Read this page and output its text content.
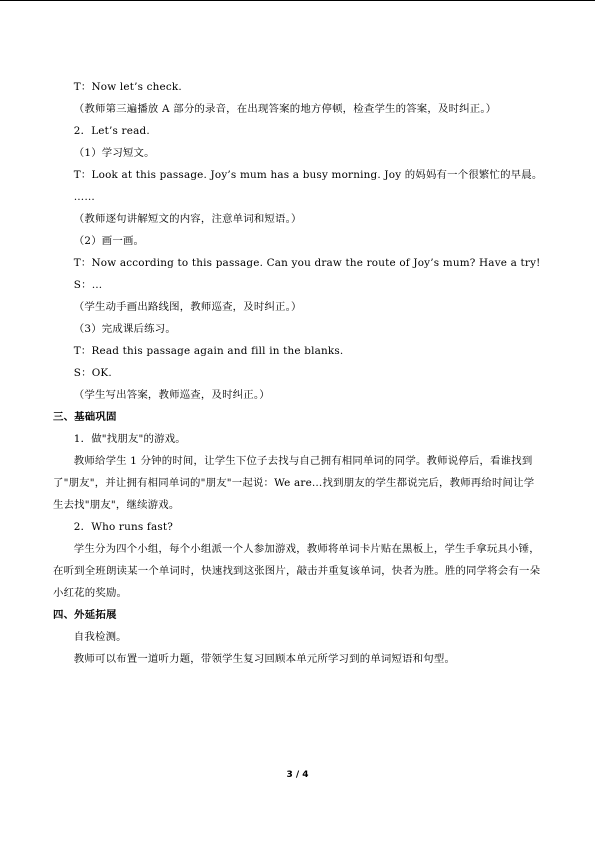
T：Now let’s check.

（教师第三遍播放 A 部分的录音，在出现答案的地方停顿，检查学生的答案，及时纠正。）

2．Let’s read.

（1）学习短文。

T：Look at this passage. Joy’s mum has a busy morning. Joy 的妈妈有一个很繁忙的早晨。

……

（教师逐句讲解短文的内容，注意单词和短语。）

（2）画一画。

T：Now according to this passage. Can you draw the route of Joy’s mum? Have a try!

S：…

（学生动手画出路线图，教师巡查，及时纠正。）

（3）完成课后练习。

T：Read this passage again and fill in the blanks.

S：OK.

（学生写出答案，教师巡查，及时纠正。）

三、基础巩固

1．做"找朋友"的游戏。

教师给学生 1 分钟的时间，让学生下位子去找与自己拥有相同单词的同学。教师说停后，看谁找到了"朋友"，并让拥有相同单词的"朋友"一起说：We are…找到朋友的学生都说完后，教师再给时间让学生去找"朋友"，继续游戏。

2．Who runs fast?

学生分为四个小组，每个小组派一个人参加游戏，教师将单词卡片贴在黑板上，学生手拿玩具小锤，在听到全班朗读某一个单词时，快速找到这张图片，敲击并重复该单词，快者为胜。胜的同学将会有一朵小红花的奖励。

四、外延拓展

自我检测。

教师可以布置一道听力题，带领学生复习回顾本单元所学习到的单词短语和句型。

3 / 4
